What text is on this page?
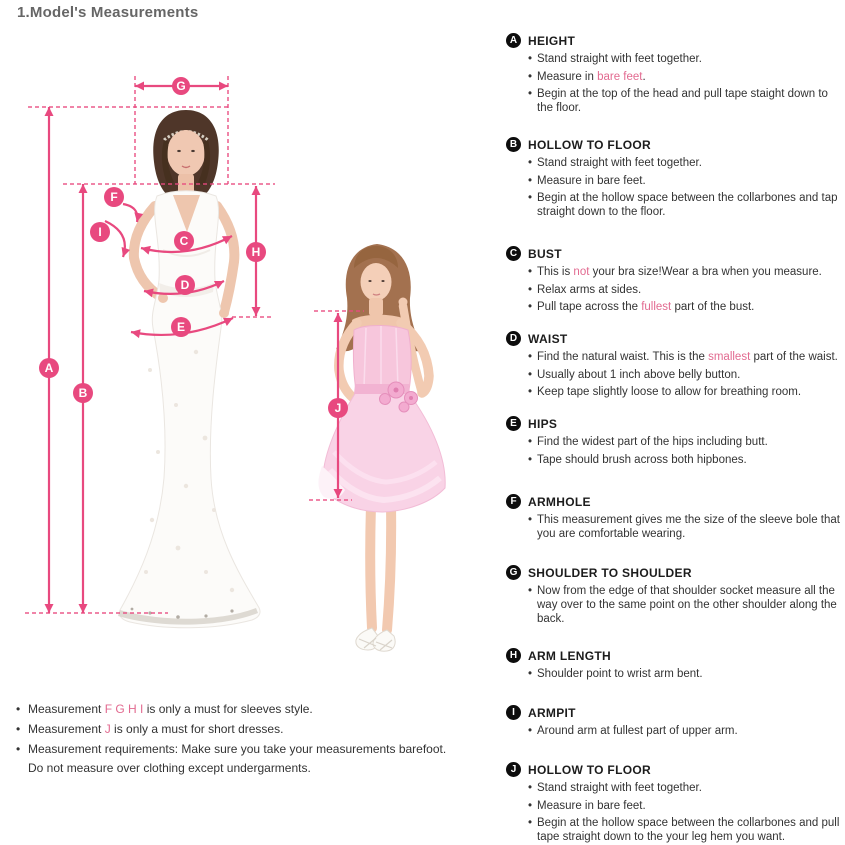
1.Model's Measurements
G
A
B
H
J
C
D
E
F
I
A HEIGHT
• Stand straight with feet together.
• Measure in bare feet.
• Begin at the top of the head and pull tape staight down to the floor.
B HOLLOW TO FLOOR
• Stand straight with feet together.
• Measure in bare feet.
• Begin at the hollow space between the collarbones and tap straight down to the floor.
C BUST
• This is not your bra size!Wear a bra when you measure.
• Relax arms at sides.
• Pull tape across the fullest part of the bust.
D WAIST
• Find the natural waist. This is the smallest part of the waist.
• Usually about 1 inch above belly button.
• Keep tape slightly loose to allow for breathing room.
E HIPS
• Find the widest part of the hips including butt.
• Tape should brush across both hipbones.
F ARMHOLE
• This measurement gives me the size of the sleeve bole that you are comfortable wearing.
G SHOULDER TO SHOULDER
• Now from the edge of that shoulder socket measure all the way over to the same point on the other shoulder along the back.
H ARM LENGTH
• Shoulder point to wrist arm bent.
I	ARMPIT
• Around arm at fullest part of upper arm.
J HOLLOW TO FLOOR
• Stand straight with feet together.
• Measure in bare feet.
• Begin at the hollow space between the collarbones and pull tape straight down to the your leg hem you want.
• Measurement F G H I is only a must for sleeves style.
• Measurement J is only a must for short dresses.
• Measurement requirements: Make sure you take your measurements barefoot.
Do not measure over clothing except undergarments.
